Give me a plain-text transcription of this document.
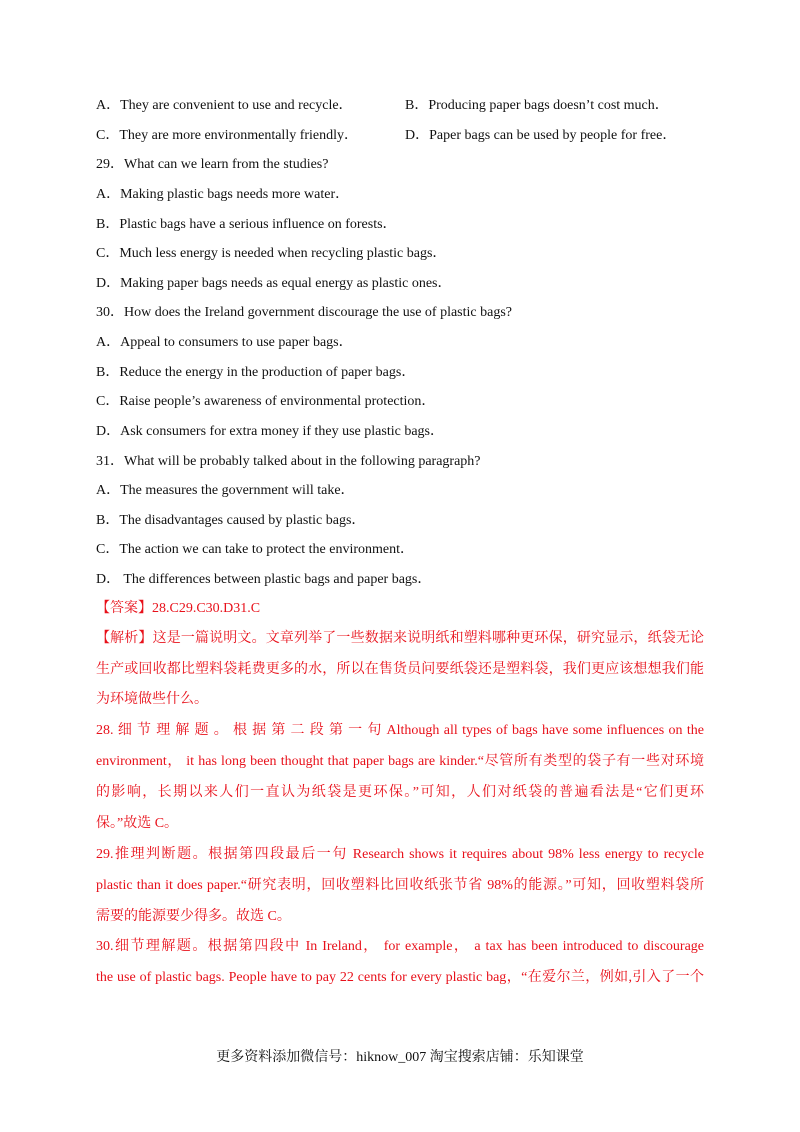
A．They are convenient to use and recycle．	B．Producing paper bags doesn’t cost much．
C．They are more environmentally friendly．	D．Paper bags can be used by people for free．
29．What can we learn from the studies?
A．Making plastic bags needs more water．
B．Plastic bags have a serious influence on forests．
C．Much less energy is needed when recycling plastic bags．
D．Making paper bags needs as equal energy as plastic ones．
30．How does the Ireland government discourage the use of plastic bags?
A．Appeal to consumers to use paper bags．
B．Reduce the energy in the production of paper bags．
C．Raise people’s awareness of environmental protection．
D．Ask consumers for extra money if they use plastic bags．
31．What will be probably talked about in the following paragraph?
A．The measures the government will take．
B．The disadvantages caused by plastic bags．
C．The action we can take to protect the environment．
D． The differences between plastic bags and paper bags．
【答案】28.C29.C30.D31.C
【解析】这是一篇说明文。文章列举了一些数据来说明纸和塑料哪种更环保，研究显示，纸袋无论
生产或回收都比塑料袋耗费更多的水，所以在售货员问要纸袋还是塑料袋，我们更应该想想我们能
为环境做些什么。
28. 细 节 理 解 题 。 根 据 第 二 段 第 一 句 Although all types of bags have some influences on the
environment， it has long been thought that paper bags are kinder.“尽管所有类型的袋子有一些对环境
的影响，长期以来人们一直认为纸袋是更环保。”可知，人们对纸袋的普遍看法是“它们更环
保。”故选 C。
29.推理判断题。根据第四段最后一句 Research shows it requires about 98% less energy to recycle
plastic than it does paper.“研究表明，回收塑料比回收纸张节省 98%的能源。”可知，回收塑料袋所
需要的能源要少得多。故选 C。
30.细节理解题。根据第四段中 In Ireland， for example， a tax has been introduced to discourage
the use of plastic bags. People have to pay 22 cents for every plastic bag，“在爱尔兰，例如,引入了一个
更多资料添加微信号：hiknow_007 淘宝搜索店铺：乐知课堂
